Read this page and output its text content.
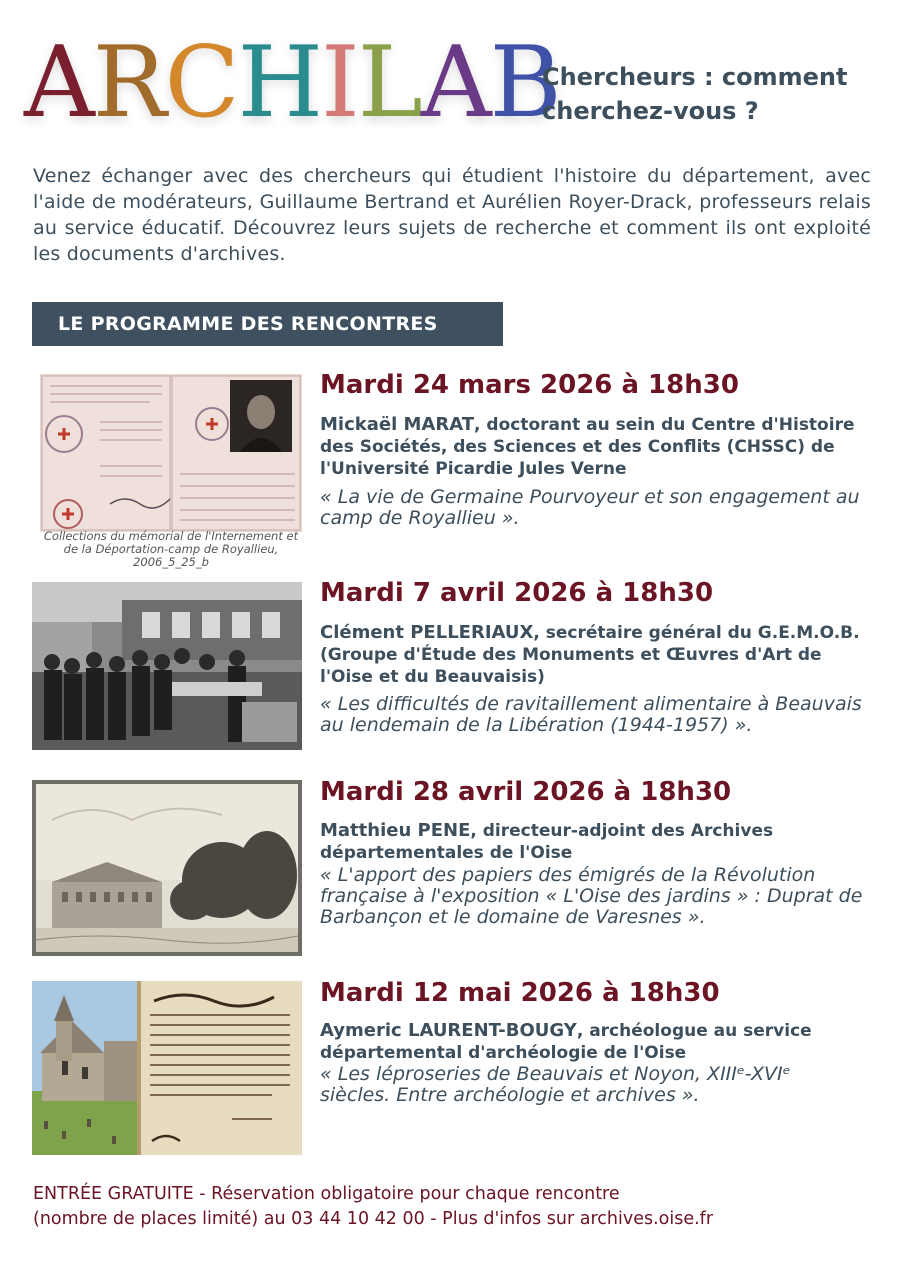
A R C H I L A B
Chercheurs : comment cherchez-vous ?
Venez échanger avec des chercheurs qui étudient l'histoire du département, avec l'aide de modérateurs, Guillaume Bertrand et Aurélien Royer-Drack, professeurs relais au service éducatif. Découvrez leurs sujets de recherche et comment ils ont exploité les documents d'archives.
LE PROGRAMME DES RENCONTRES
Collections du mémorial de l'Internement et de la Déportation-camp de Royallieu, 2006_5_25_b
Mardi 24 mars 2026 à 18h30
Mickaël MARAT, doctorant au sein du Centre d'Histoire des Sociétés, des Sciences et des Conflits (CHSSC) de l'Université Picardie Jules Verne
« La vie de Germaine Pourvoyeur et son engagement au camp de Royallieu ».
Mardi 7 avril 2026 à 18h30
Clément PELLERIAUX, secrétaire général du G.E.M.O.B. (Groupe d'Étude des Monuments et Œuvres d'Art de l'Oise et du Beauvaisis)
« Les difficultés de ravitaillement alimentaire à Beauvais au lendemain de la Libération (1944-1957) ».
Mardi 28 avril 2026 à 18h30
Matthieu PENE, directeur-adjoint des Archives départementales de l'Oise
« L'apport des papiers des émigrés de la Révolution française à l'exposition « L'Oise des jardins » : Duprat de Barbançon et le domaine de Varesnes ».
Mardi 12 mai 2026 à 18h30
Aymeric LAURENT-BOUGY, archéologue au service départemental d'archéologie de l'Oise
« Les léproseries de Beauvais et Noyon, XIIIᵉ-XVIᵉ siècles. Entre archéologie et archives ».
ENTRÉE GRATUITE - Réservation obligatoire pour chaque rencontre
(nombre de places limité) au 03 44 10 42 00 - Plus d'infos sur archives.oise.fr
